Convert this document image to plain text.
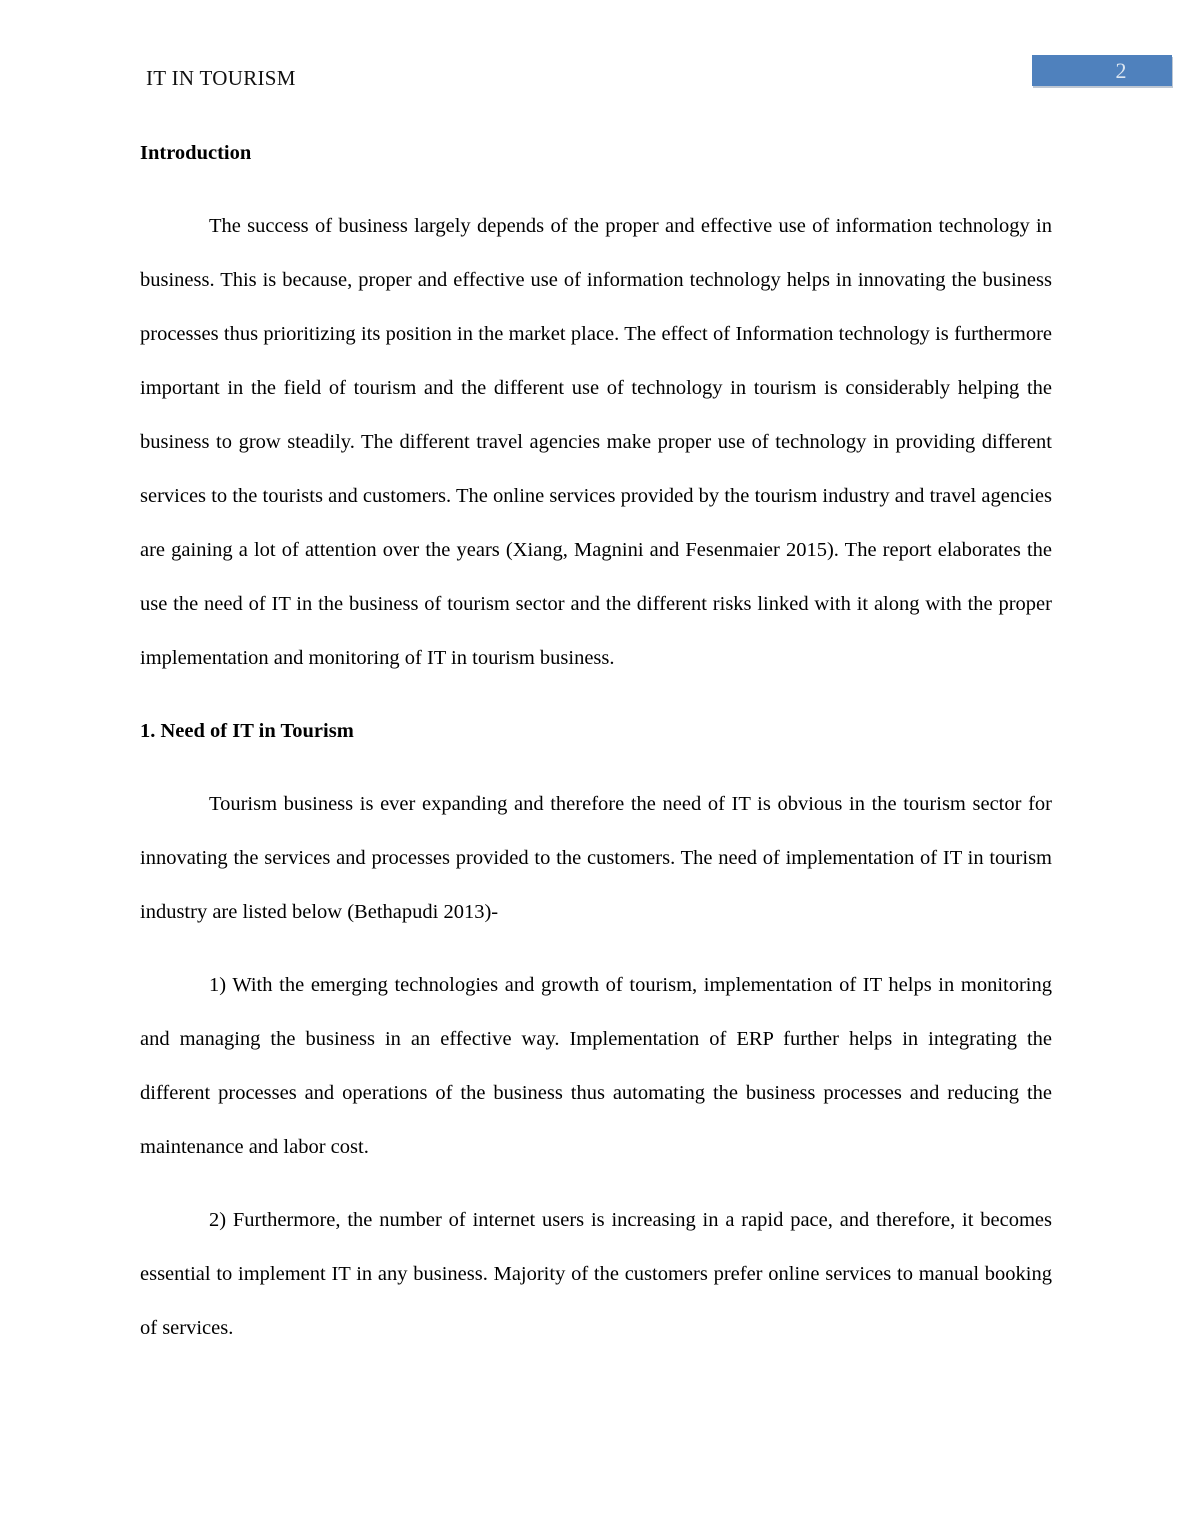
IT IN TOURISM	2
Introduction

The success of business largely depends of the proper and effective use of information technology in business. This is because, proper and effective use of information technology helps in innovating the business processes thus prioritizing its position in the market place. The effect of Information technology is furthermore important in the field of tourism and the different use of technology in tourism is considerably helping the business to grow steadily. The different travel agencies make proper use of technology in providing different services to the tourists and customers. The online services provided by the tourism industry and travel agencies are gaining a lot of attention over the years (Xiang, Magnini and Fesenmaier 2015). The report elaborates the use the need of IT in the business of tourism sector and the different risks linked with it along with the proper implementation and monitoring of IT in tourism business.

1. Need of IT in Tourism

Tourism business is ever expanding and therefore the need of IT is obvious in the tourism sector for innovating the services and processes provided to the customers. The need of implementation of IT in tourism industry are listed below (Bethapudi 2013)-

1) With the emerging technologies and growth of tourism, implementation of IT helps in monitoring and managing the business in an effective way. Implementation of ERP further helps in integrating the different processes and operations of the business thus automating the business processes and reducing the maintenance and labor cost.

2) Furthermore, the number of internet users is increasing in a rapid pace, and therefore, it becomes essential to implement IT in any business. Majority of the customers prefer online services to manual booking of services.
